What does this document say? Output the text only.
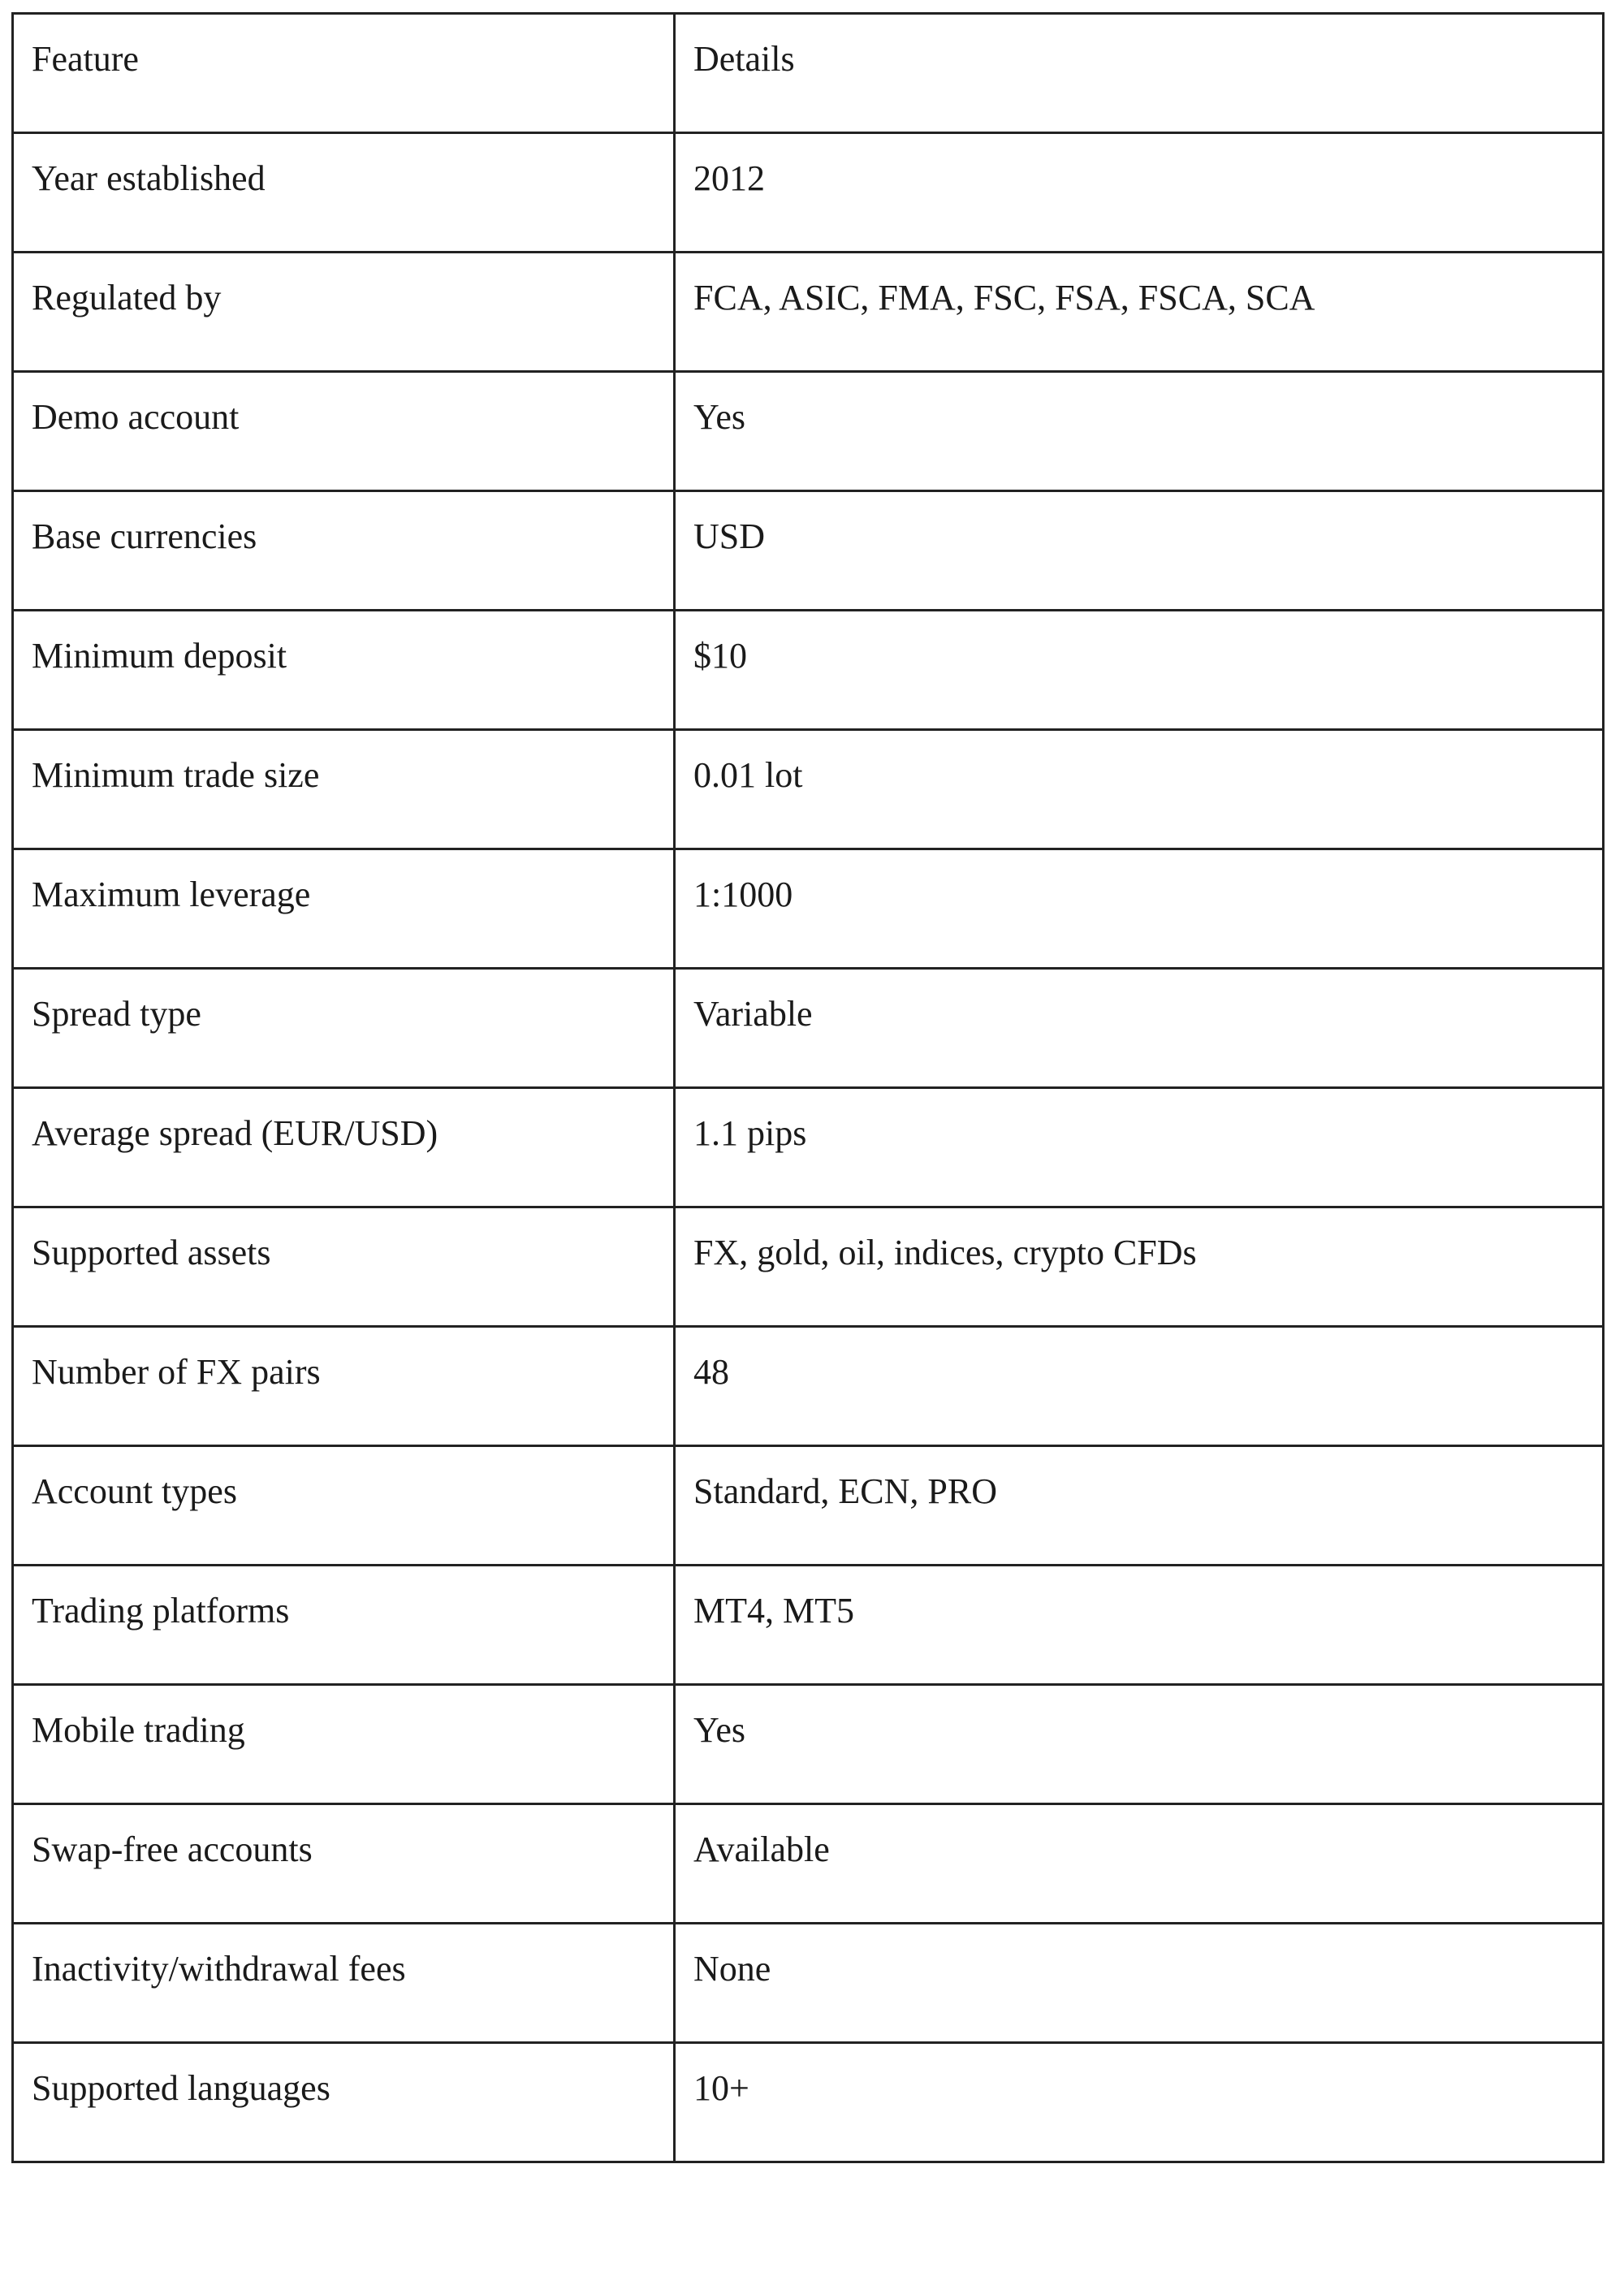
Feature	Details
Year established	2012
Regulated by	FCA, ASIC, FMA, FSC, FSA, FSCA, SCA
Demo account	Yes
Base currencies	USD
Minimum deposit	$10
Minimum trade size	0.01 lot
Maximum leverage	1:1000
Spread type	Variable
Average spread (EUR/USD)	1.1 pips
Supported assets	FX, gold, oil, indices, crypto CFDs
Number of FX pairs	48
Account types	Standard, ECN, PRO
Trading platforms	MT4, MT5
Mobile trading	Yes
Swap-free accounts	Available
Inactivity/withdrawal fees	None
Supported languages	10+
